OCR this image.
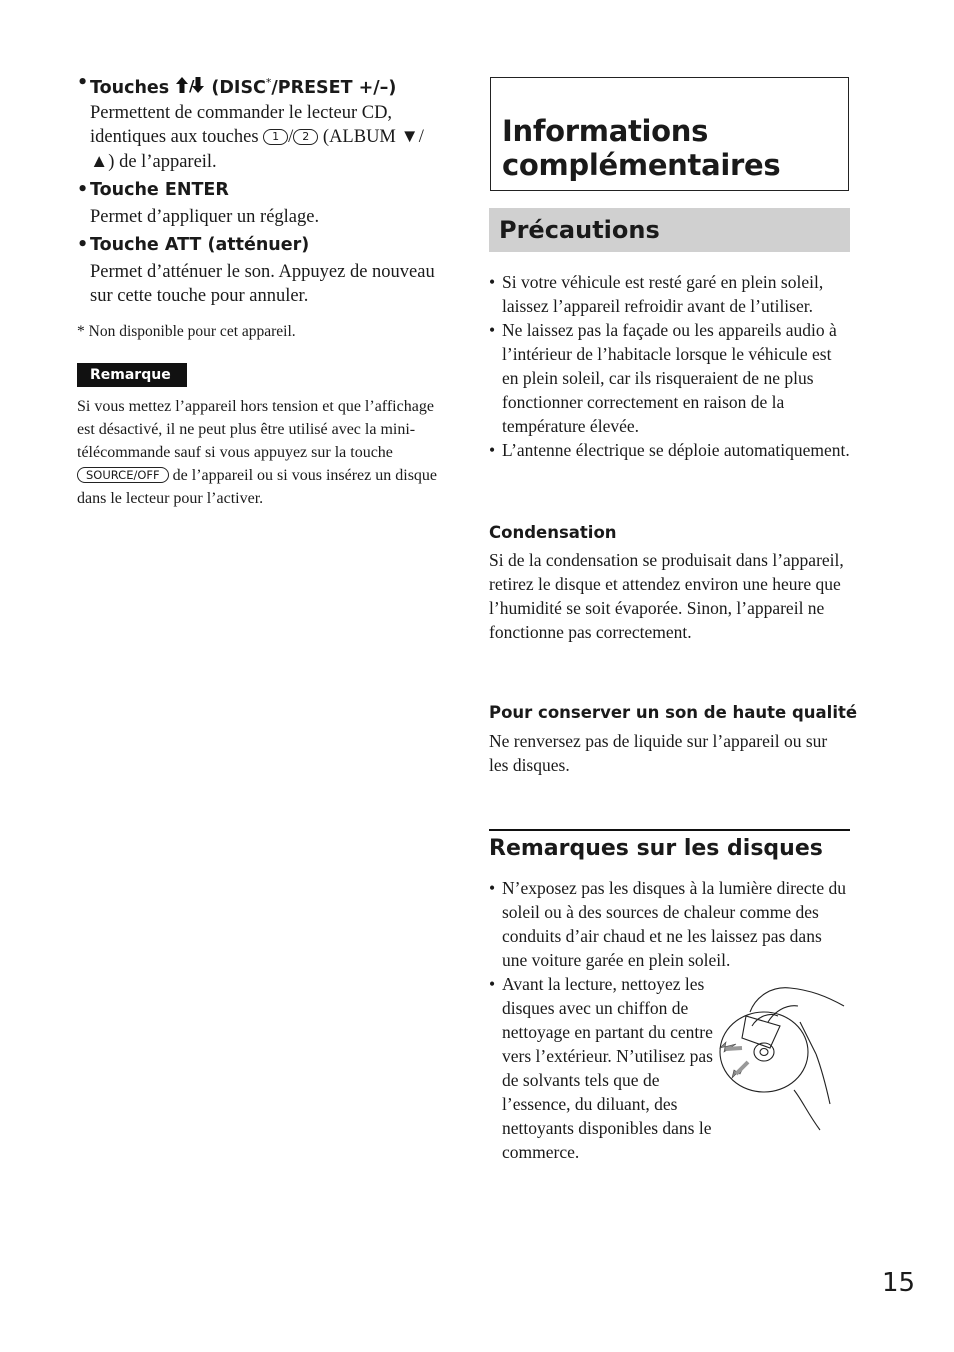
• Touches / (DISC*/PRESET +/–)
Permettent de commander le lecteur CD, identiques aux touches 1 / 2 (ALBUM ▼/▲) de l’appareil.
• Touche ENTER
Permet d’appliquer un réglage.
• Touche ATT (atténuer)
Permet d’atténuer le son. Appuyez de nouveau sur cette touche pour annuler.
* Non disponible pour cet appareil.
Remarque
Si vous mettez l’appareil hors tension et que l’affichage est désactivé, il ne peut plus être utilisé avec la mini-télécommande sauf si vous appuyez sur la touche SOURCE/OFF de l’appareil ou si vous insérez un disque dans le lecteur pour l’activer.
Informations
complémentaires
Précautions
• Si votre véhicule est resté garé en plein soleil, laissez l’appareil refroidir avant de l’utiliser.
• Ne laissez pas la façade ou les appareils audio à l’intérieur de l’habitacle lorsque le véhicule est en plein soleil, car ils risqueraient de ne plus fonctionner correctement en raison de la température élevée.
• L’antenne électrique se déploie automatiquement.
Condensation
Si de la condensation se produisait dans l’appareil, retirez le disque et attendez environ une heure que l’humidité se soit évaporée. Sinon, l’appareil ne fonctionne pas correctement.
Pour conserver un son de haute qualité
Ne renversez pas de liquide sur l’appareil ou sur les disques.
Remarques sur les disques
• N’exposez pas les disques à la lumière directe du soleil ou à des sources de chaleur comme des conduits d’air chaud et ne les laissez pas dans une voiture garée en plein soleil.
• Avant la lecture, nettoyez les disques avec un chiffon de nettoyage en partant du centre vers l’extérieur. N’utilisez pas de solvants tels que de l’essence, du diluant, des nettoyants disponibles dans le commerce.
15
